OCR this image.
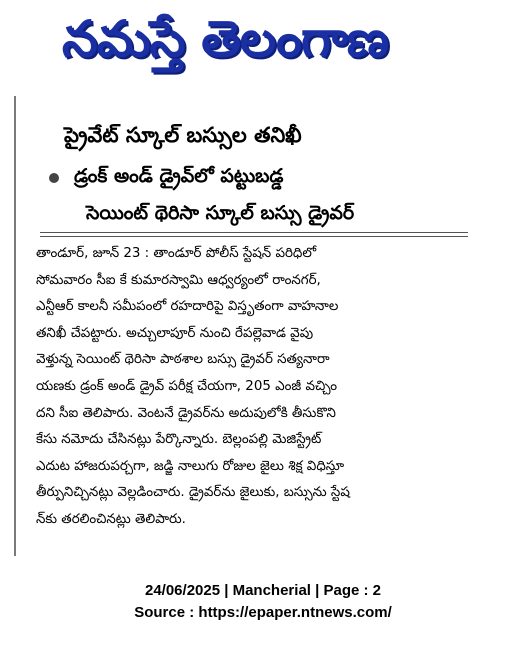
నమస్తే తెలంగాణ
ప్రైవేట్ స్కూల్ బస్సుల తనిఖీ
డ్రంక్ అండ్ డ్రైవ్‌లో పట్టుబడ్డ
సెయింట్ థెరిసా స్కూల్ బస్సు డ్రైవర్
తాండూర్, జూన్ 23 : తాండూర్ పోలీస్ స్టేషన్ పరిధిలో
సోమవారం సీఐ కే కుమారస్వామి ఆధ్వర్యంలో రాంనగర్,
ఎన్టీఆర్ కాలనీ సమీపంలో రహదారిపై విస్తృతంగా వాహనాల
తనిఖీ చేపట్టారు. అచ్చులాపూర్ నుంచి రేపల్లెవాడ వైపు
వెళ్తున్న సెయింట్ థెరిసా పాఠశాల బస్సు డ్రైవర్ సత్యనారా
యణకు డ్రంక్ అండ్ డ్రైవ్ పరీక్ష చేయగా, 205 ఎంజీ వచ్చిం
దని సీఐ తెలిపారు. వెంటనే డ్రైవర్‌ను అదుపులోకి తీసుకొని
కేసు నమోదు చేసినట్లు పేర్కొన్నారు. బెల్లంపల్లి మెజిస్ట్రేట్
ఎదుట హాజరుపర్చగా, జడ్జి నాలుగు రోజుల జైలు శిక్ష విధిస్తూ
తీర్పునిచ్చినట్లు వెల్లడించారు. డ్రైవర్‌ను జైలుకు, బస్సును స్టేష
న్‌కు తరలించినట్లు తెలిపారు.
24/06/2025 | Mancherial | Page : 2
Source : https://epaper.ntnews.com/
